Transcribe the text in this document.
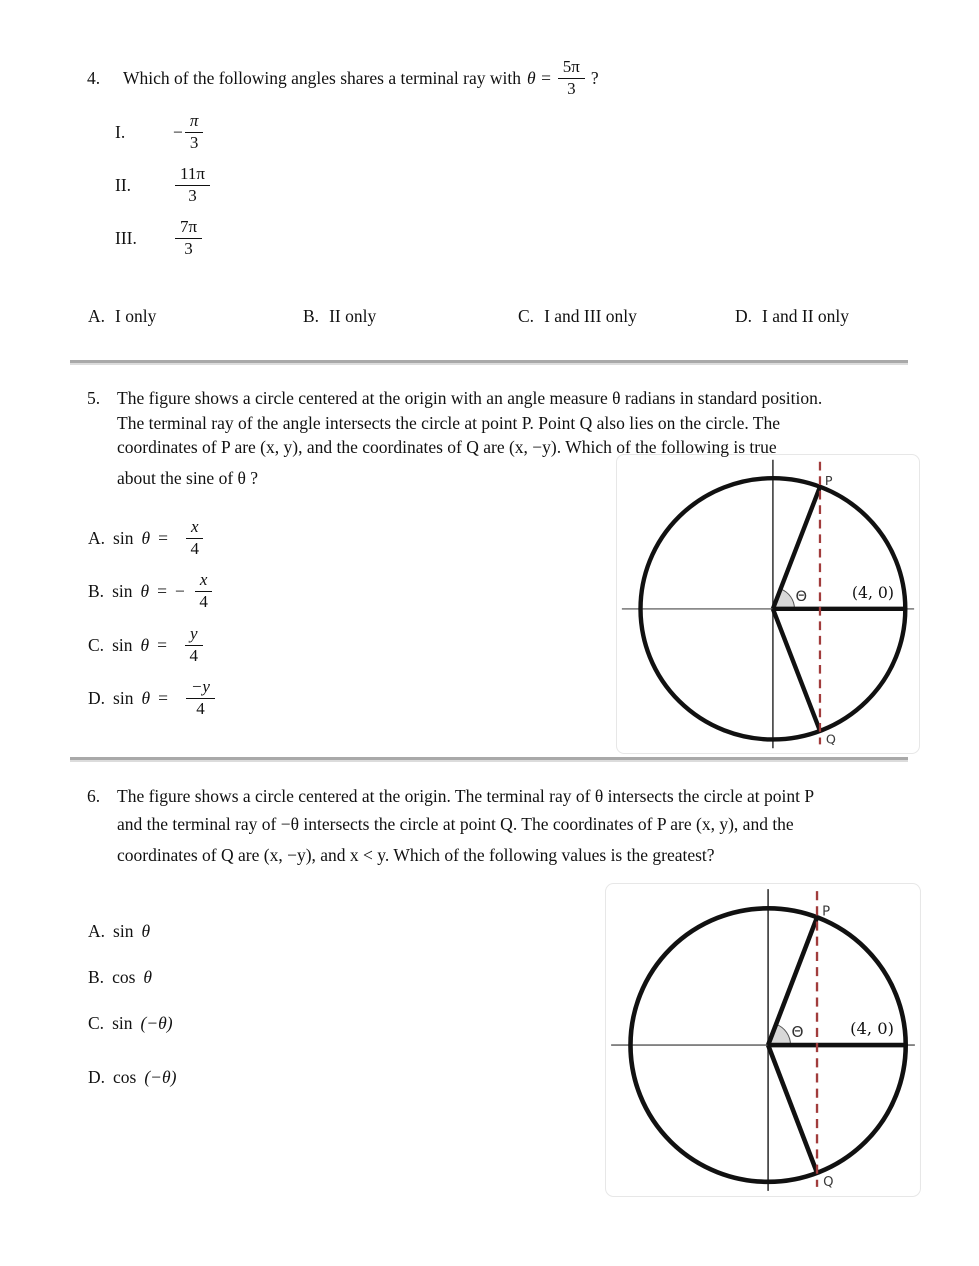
4.	Which of the following angles shares a terminal ray with $\theta = \frac{5\pi}{3}$ ?
I.	− $\frac{\pi}{3}$
II.	$\frac{11\pi}{3}$
III.	$\frac{7\pi}{3}$
A. I only	B. II only	C. I and III only	D. I and II only
5. The figure shows a circle centered at the origin with an angle measure θ radians in standard position.
The terminal ray of the angle intersects the circle at point P. Point Q also lies on the circle. The
coordinates of P are (x, y), and the coordinates of Q are (x, −y). Which of the following is true
about the sine of θ ?
A. $\sin \theta = \frac{x}{4}$
B. sin θ = − $\frac{x}{4}$
C. $\sin \theta = \frac{y}{4}$
D. $\sin \theta = \frac{-y}{4}$
P
Q
Θ	(4, 0)
6. The figure shows a circle centered at the origin. The terminal ray of θ intersects the circle at point P
and the terminal ray of −θ intersects the circle at point Q. The coordinates of P are (x, y), and the
coordinates of Q are (x, −y), and x < y. Which of the following values is the greatest?
A. sin θ
B. cos θ
C. sin (−θ)
D. cos (−θ)
P
Q
Θ	(4, 0)
